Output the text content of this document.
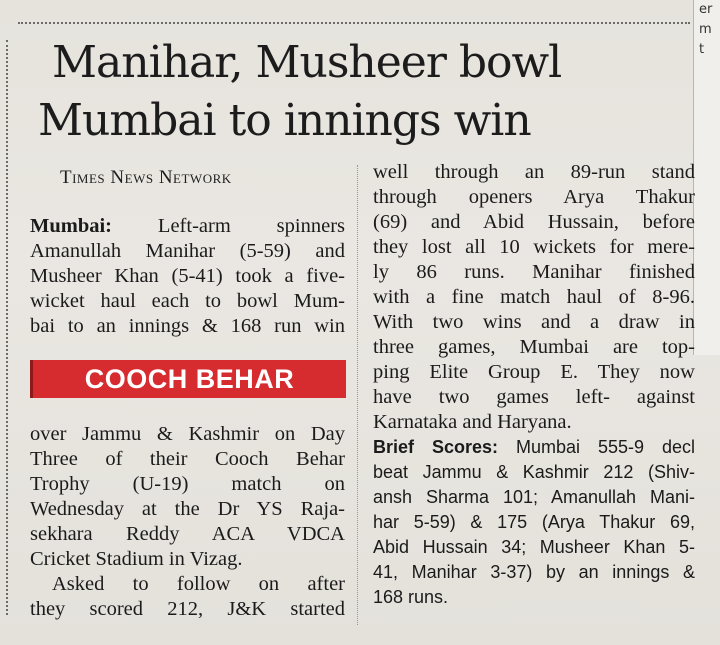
er
m
t
Manihar, Musheer bowl
Mumbai to innings win
Times News Network
Mumbai: Left-arm spinners
Amanullah Manihar (5-59) and
Musheer Khan (5-41) took a five-
wicket haul each to bowl Mum-
bai to an innings & 168 run win
COOCH BEHAR
over Jammu & Kashmir on Day
Three of their Cooch Behar
Trophy (U-19) match on
Wednesday at the Dr YS Raja-
sekhara Reddy ACA VDCA
Cricket Stadium in Vizag.
Asked to follow on after
they scored 212, J&K started
well through an 89-run stand
through openers Arya Thakur
(69) and Abid Hussain, before
they lost all 10 wickets for mere-
ly 86 runs. Manihar finished
with a fine match haul of 8-96.
With two wins and a draw in
three games, Mumbai are top-
ping Elite Group E. They now
have two games left- against
Karnataka and Haryana.
Brief Scores: Mumbai 555-9 decl
beat Jammu & Kashmir 212 (Shiv-
ansh Sharma 101; Amanullah Mani-
har 5-59) & 175 (Arya Thakur 69,
Abid Hussain 34; Musheer Khan 5-
41, Manihar 3-37) by an innings &
168 runs.
